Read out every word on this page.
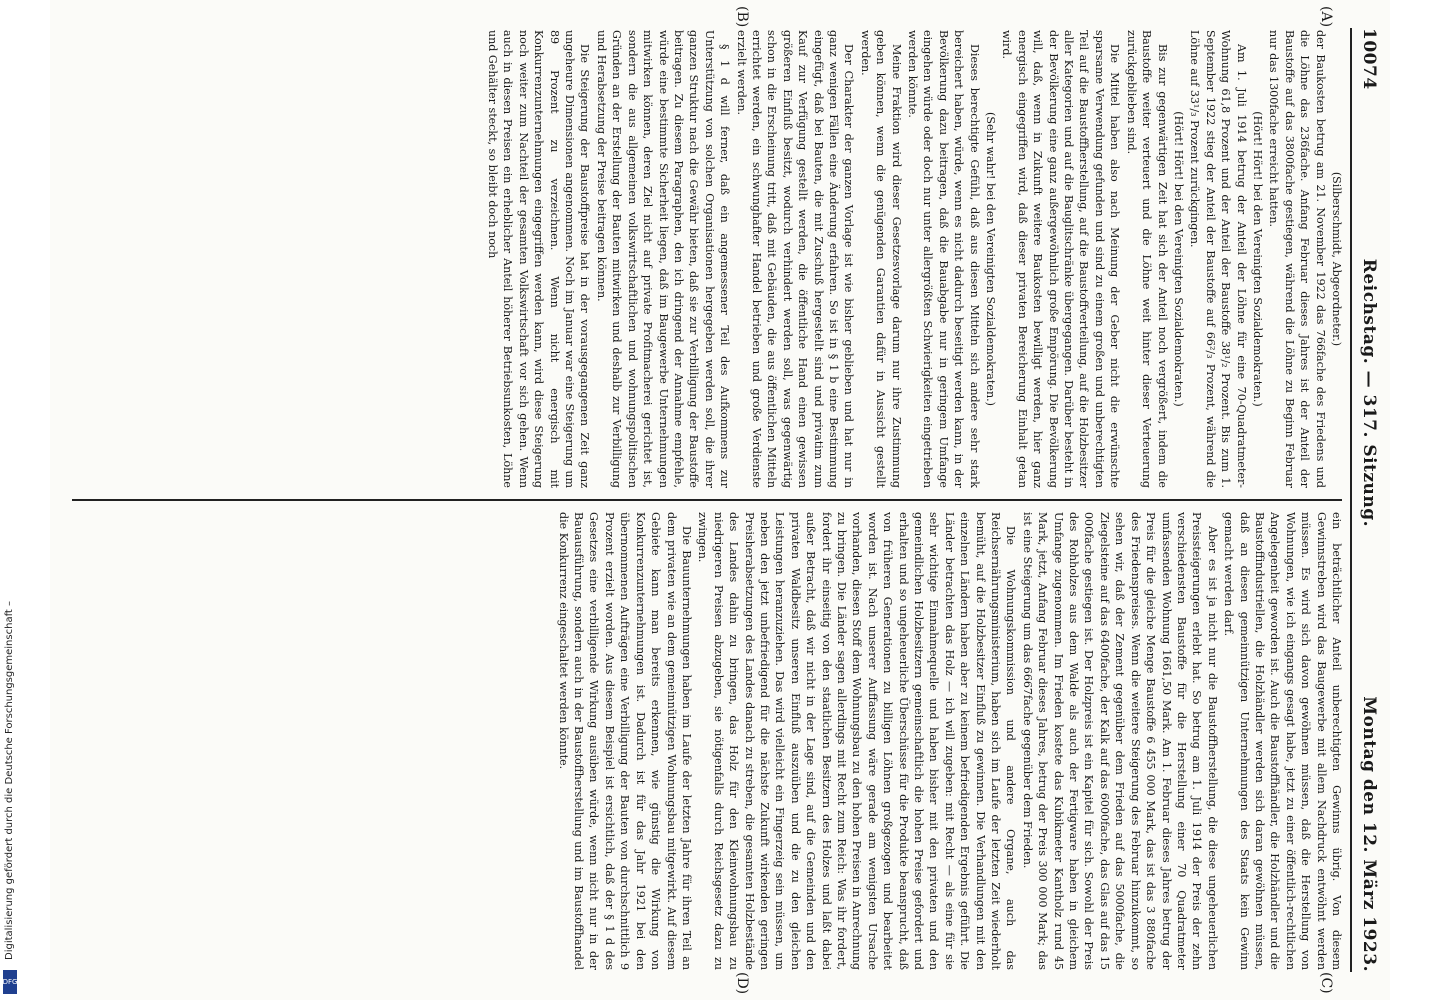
10074
Reichstag. — 317. Sitzung.
Montag den 12. März 1923.
(A)
(B)
(C)
(D)

(Silberschmidt, Abgeordneter.)

der Baukosten betrug am 21. November 1922 das 766fache des Friedens und die Löhne das 236fache. Anfang Februar dieses Jahres ist der Anteil der Baustoffe auf das 3800fache gestiegen, während die Löhne zu Beginn Februar nur das 1300fache erreicht hatten.

(Hört! Hört! bei den Vereinigten Sozialdemokraten.)

Am 1. Juli 1914 betrug der Anteil der Löhne für eine 70-Quadratmeter-Wohnung 61,8 Prozent und der Anteil der Baustoffe 38¹/₂ Prozent. Bis zum 1. September 1922 stieg der Anteil der Baustoffe auf 66²/₃ Prozent, während die Löhne auf 33¹/₃ Prozent zurückgingen.

(Hört! Hört! bei den Vereinigten Sozialdemokraten.)

Bis zur gegenwärtigen Zeit hat sich der Anteil noch vergrößert, indem die Baustoffe weiter verteuert und die Löhne weit hinter dieser Verteuerung zurückgeblieben sind.

Die Mittel haben also nach Meinung der Geber nicht die erwünschte sparsame Verwendung gefunden und sind zu einem großen und unberechtigten Teil auf die Baustoffherstellung, auf die Baustoffverteilung, auf die Holzbesitzer aller Kategorien und auf die Bauglitschränke übergegangen. Darüber besteht in der Bevölkerung eine ganz außergewöhnlich große Empörung. Die Bevölkerung will, daß, wenn in Zukunft weitere Baukosten bewilligt werden, hier ganz energisch eingegriffen wird, daß dieser privaten Bereicherung Einhalt getan wird.

(Sehr wahr! bei den Vereinigten Sozialdemokraten.)

Dieses berechtigte Gefühl, daß aus diesen Mitteln sich andere sehr stark bereichert haben, würde, wenn es nicht dadurch beseitigt werden kann, in der Bevölkerung dazu beitragen, daß die Bauabgabe nur in geringem Umfange eingehen würde oder doch nur unter allergrößten Schwierigkeiten eingetrieben werden könnte.

Meine Fraktion wird dieser Gesetzesvorlage darum nur ihre Zustimmung geben können, wenn die genügenden Garantien dafür in Aussicht gestellt werden.

Der Charakter der ganzen Vorlage ist wie bisher geblieben und hat nur in ganz wenigen Fällen eine Änderung erfahren. So ist in § 1 b eine Bestimmung eingefügt, daß bei Bauten, die mit Zuschuß hergestellt sind und privatim zum Kauf zur Verfügung gestellt werden, die öffentliche Hand einen gewissen größeren Einfluß besitzt, wodurch verhindert werden soll, was gegenwärtig schon in die Erscheinung tritt, daß mit Gebäuden, die aus öffentlichen Mitteln errichtet werden, ein schwunghafter Handel betrieben und große Verdienste erzielt werden.

§ 1 d will ferner, daß ein angemessener Teil des Aufkommens zur Unterstützung von solchen Organisationen hergegeben werden soll, die ihrer ganzen Struktur nach die Gewähr bieten, daß sie zur Verbilligung der Baustoffe beitragen. Zu diesem Paragraphen, den ich dringend der Annahme empfehle, würde eine bestimmte Sicherheit liegen, daß im Baugewerbe Unternehmungen mitwirken können, deren Ziel nicht auf private Profitmacherei gerichtet ist, sondern die aus allgemeinen volkswirtschaftlichen und wohnungspolitischen Gründen an der Erstellung der Bauten mitwirken und deshalb zur Verbilligung und Herabsetzung der Preise beitragen können.

Die Steigerung der Baustoffpreise hat in der vorausgegangenen Zeit ganz ungeheure Dimensionen angenommen. Noch im Januar war eine Steigerung um 89 Prozent zu verzeichnen. Wenn nicht energisch mit Konkurrenzunternehmungen eingegriffen werden kann, wird diese Steigerung noch weiter zum Nachteil der gesamten Volkswirtschaft vor sich gehen. Wenn auch in diesen Preisen ein erheblicher Anteil höherer Betriebsunkosten, Löhne und Gehälter steckt, so bleibt doch noch

ein beträchtlicher Anteil unberechtigten Gewinns übrig. Von diesem Gewinnstreben wird das Baugewerbe mit allem Nachdruck entwöhnt werden müssen. Es wird sich davon gewöhnen müssen, daß die Herstellung von Wohnungen, wie ich eingangs gesagt habe, jetzt zu einer öffentlich-rechtlichen Angelegenheit geworden ist. Auch die Baustoffhändler, die Holzhändler und die Baustoffindustriellen, die Holzhändler werden sich daran gewöhnen müssen, daß an diesen gemeinnützigen Unternehmungen des Staats kein Gewinn gemacht werden darf.

Aber es ist ja nicht nur die Baustoffherstellung, die diese ungeheuerlichen Preissteigerungen erlebt hat. So betrug am 1. Juli 1914 der Preis der zehn verschiedensten Baustoffe für die Herstellung einer 70 Quadratmeter umfassenden Wohnung 1661,50 Mark. Am 1. Februar dieses Jahres betrug der Preis für die gleiche Menge Baustoffe 6 455 000 Mark, das ist das 3 880fache des Friedenspreises. Wenn die weitere Steigerung des Februar hinzukommt, so sehen wir, daß der Zement gegenüber dem Frieden auf das 5000fache, die Ziegelsteine auf das 6400fache, der Kalk auf das 6000fache, das Glas auf das 15 000fache gestiegen ist. Der Holzpreis ist ein Kapitel für sich. Sowohl der Preis des Rohholzes aus dem Walde als auch der Fertigware haben in gleichem Umfange zugenommen. Im Frieden kostete das Kubikmeter Kantholz rund 45 Mark, jetzt, Anfang Februar dieses Jahres, betrug der Preis 300 000 Mark; das ist eine Steigerung um das 6667fache gegenüber dem Frieden.

Die Wohnungskommission und andere Organe, auch das Reichsernährungsministerium, haben sich im Laufe der letzten Zeit wiederholt bemüht, auf die Holzbesitzer Einfluß zu gewinnen. Die Verhandlungen mit den einzelnen Ländern haben aber zu keinem befriedigenden Ergebnis geführt. Die Länder betrachten das Holz — ich will zugeben: mit Recht — als eine für sie sehr wichtige Einnahmequelle und haben bisher mit den privaten und den gemeindlichen Holzbesitzern gemeinschaftlich die hohen Preise gefordert und erhalten und so ungeheuerliche Überschüsse für die Produkte beansprucht, daß von früheren Generationen zu billigen Löhnen großgezogen und bearbeitet worden ist. Nach unserer Auffassung wäre gerade am wenigsten Ursache vorhanden, diesen Stoff dem Wohnungsbau zu den hohen Preisen in Anrechnung zu bringen. Die Länder sagen allerdings mit Recht zum Reich: Was ihr fordert, fordert ihr einseitig von den staatlichen Besitzern des Holzes und laßt dabei außer Betracht, daß wir nicht in der Lage sind, auf die Gemeinden und den privaten Waldbesitz unseren Einfluß auszuüben und die zu den gleichen Leistungen heranzuziehen. Das wird vielleicht ein Fingerzeig sein müssen, um neben den jetzt unbefriedigend für die nächste Zukunft wirkenden geringen Preisherabsetzungen des Landes danach zu streben, die gesamten Holzbestände des Landes dahin zu bringen, das Holz für den Kleinwohnungsbau zu niedrigeren Preisen abzugeben, sie nötigenfalls durch Reichsgesetz dazu zu zwingen.

Die Bauunternehmungen haben im Laufe der letzten Jahre für ihren Teil an dem privaten wie an dem gemeinnützigen Wohnungsbau mitgewirkt. Auf diesem Gebiete kann man bereits erkennen, wie günstig die Wirkung von Konkurrenzunternehmungen ist. Dadurch ist für das Jahr 1921 bei den übernommenen Aufträgen eine Verbilligung der Bauten von durchschnittlich 9 Prozent erzielt worden. Aus diesem Beispiel ist ersichtlich, daß der § 1 d des Gesetzes eine verbilligende Wirkung ausüben würde, wenn nicht nur in der Bauausführung, sondern auch in der Baustoffherstellung und im Baustoffhandel die Konkurrenz eingeschaltet werden könnte.

Digitalisierung gefördert durch die Deutsche Forschungsgemeinschaft –
DFG
